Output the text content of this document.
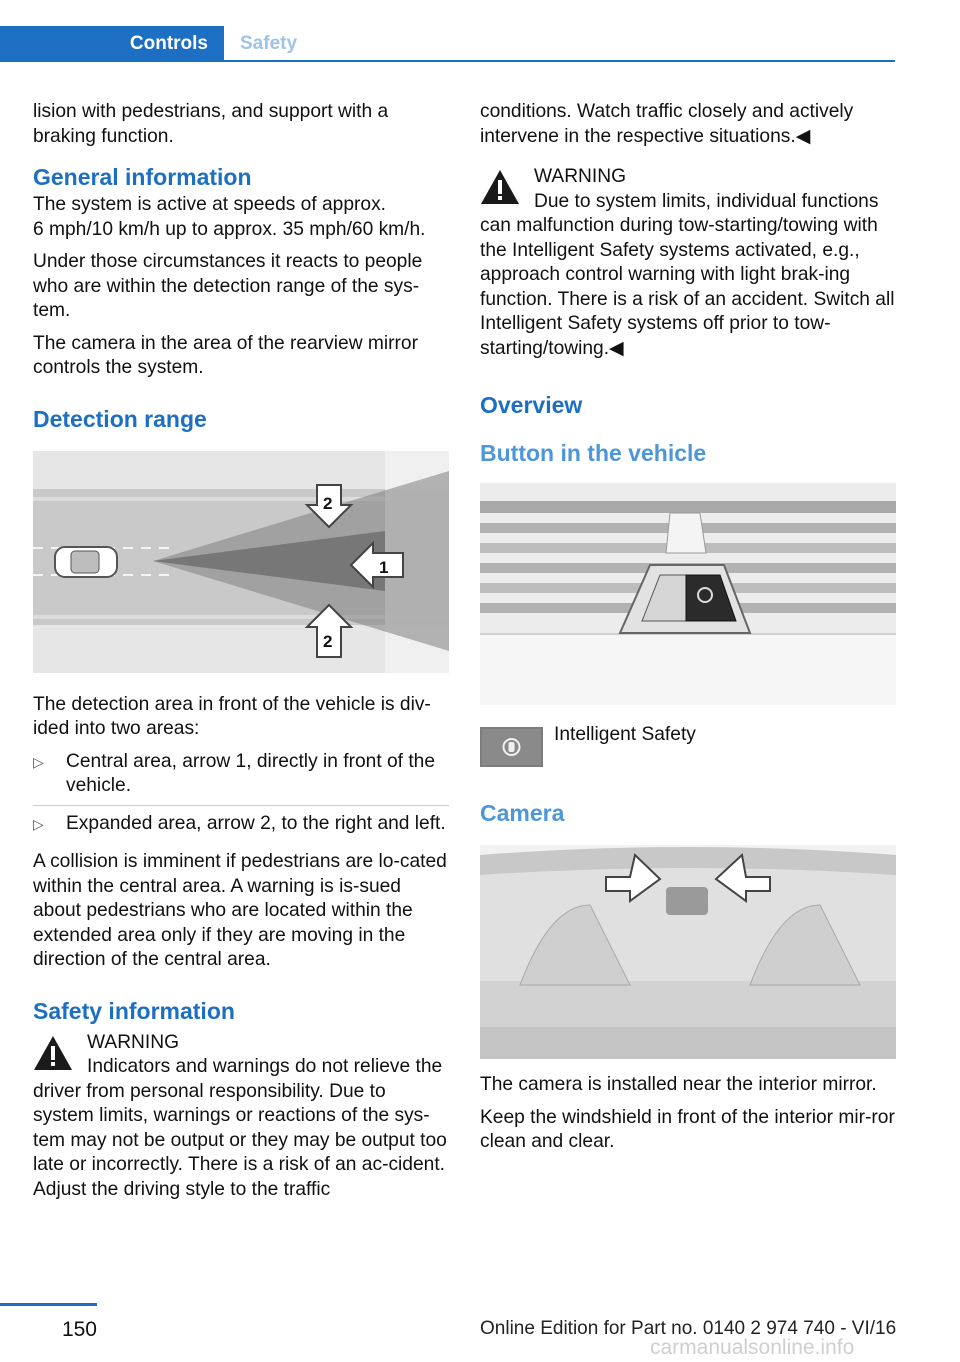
Controls	Safety

lision with pedestrians, and support with a braking function.

General information

The system is active at speeds of approx.
6 mph/10 km/h up to approx. 35 mph/60 km/h.

Under those circumstances it reacts to people who are within the detection range of the sys-tem.

The camera in the area of the rearview mirror controls the system.

Detection range
1
2
2

The detection area in front of the vehicle is div-ided into two areas:

▷ Central area, arrow 1, directly in front of the vehicle.
▷ Expanded area, arrow 2, to the right and left.

A collision is imminent if pedestrians are lo-cated within the central area. A warning is is-sued about pedestrians who are located within the extended area only if they are moving in the direction of the central area.

Safety information
WARNING
Indicators and warnings do not relieve the driver from personal responsibility. Due to system limits, warnings or reactions of the sys-tem may not be output or they may be output too late or incorrectly. There is a risk of an ac-cident. Adjust the driving style to the traffic

conditions. Watch traffic closely and actively intervene in the respective situations.◀

WARNING
Due to system limits, individual functions can malfunction during tow-starting/towing with the Intelligent Safety systems activated, e.g., approach control warning with light brak-ing function. There is a risk of an accident. Switch all Intelligent Safety systems off prior to tow-starting/towing.◀
Overview
Button in the vehicle
Intelligent Safety
Camera

The camera is installed near the interior mirror.

Keep the windshield in front of the interior mir-ror clean and clear.

150	Online Edition for Part no. 0140 2 974 740 - VI/16
carmanualsonline.info
